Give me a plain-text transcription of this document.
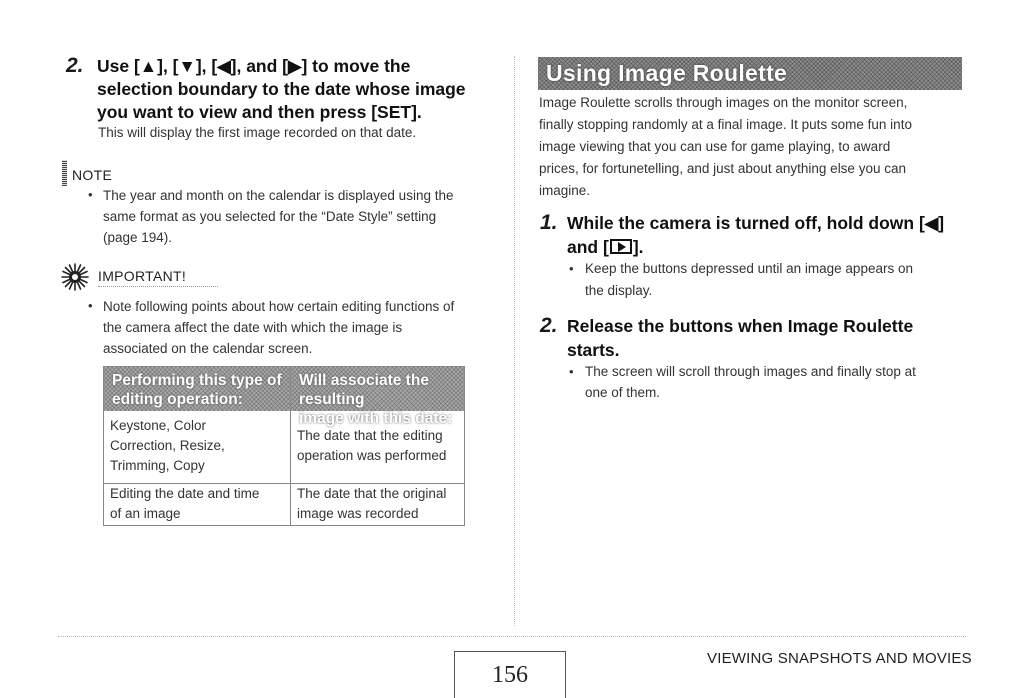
2. Use [▲], [▼], [◀], and [▶] to move the
selection boundary to the date whose image
you want to view and then press [SET].
This will display the first image recorded on that date.
NOTE
• The year and month on the calendar is displayed using the
same format as you selected for the “Date Style” setting
(page 194).
IMPORTANT!
• Note following points about how certain editing functions of
the camera affect the date with which the image is
associated on the calendar screen.
Performing this type of
editing operation:
Will associate the resulting
image with this date:
Keystone, Color
Correction, Resize,
Trimming, Copy
The date that the editing
operation was performed
Editing the date and time
of an image
The date that the original
image was recorded
Using Image Roulette
Image Roulette scrolls through images on the monitor screen,
finally stopping randomly at a final image. It puts some fun into
image viewing that you can use for game playing, to award
prices, for fortunetelling, and just about anything else you can
imagine.
1. While the camera is turned off, hold down [◀]
and [ ].
• Keep the buttons depressed until an image appears on
the display.
2. Release the buttons when Image Roulette
starts.
• The screen will scroll through images and finally stop at
one of them.
156
VIEWING SNAPSHOTS AND MOVIES
